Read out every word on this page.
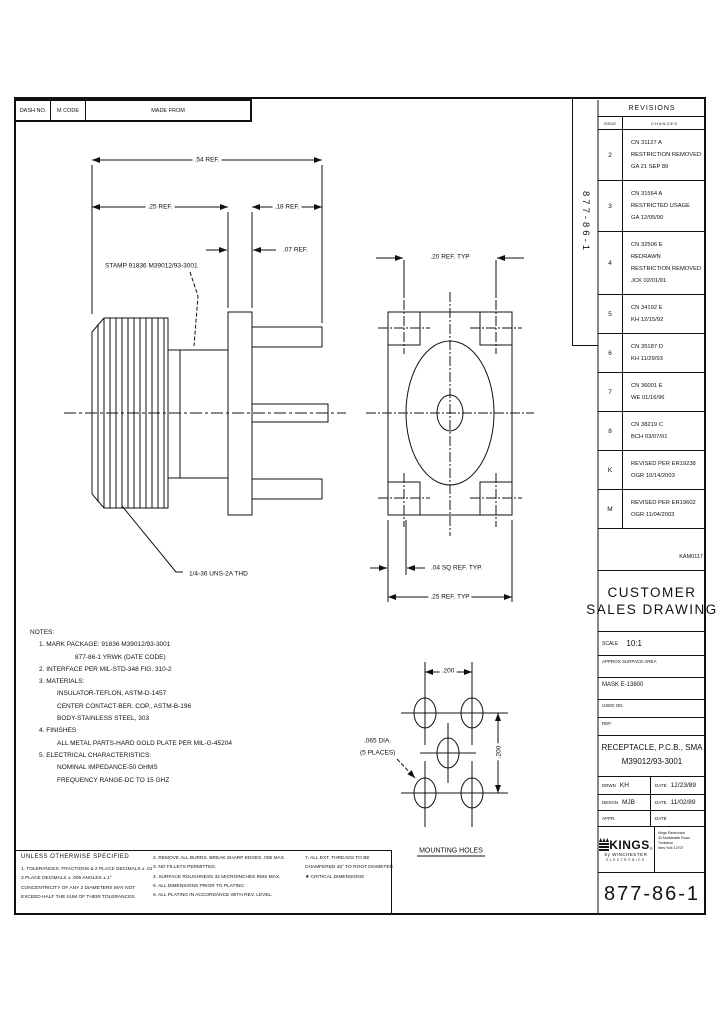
DASH NO.	M CODE	MADE FROM
877-86-1
REVISIONS
ISSUE	CHANGES
2
CN 31127 A
RESTRICTION REMOVED
GA 21 SEP 89
3
CN 31564 A
RESTRICTED USAGE
GA 12/05/90
4
CN 32506 E
REDRAWN
RESTRICTION REMOVED
JCK 02/01/91
5
CN 34192 E
KH 12/15/92
6
CN 35187 D
KH 11/29/93
7
CN 36001 E
WE 01/16/96
8
CN 38219 C
BCH 03/07/01
K
REVISED PER ER19238
OGR 10/14/2003
M
REVISED PER ER19602
OGR 11/04/2003
.54 REF.
.25 REF.	.18 REF.
.07 REF.
STAMP 91836 M39012/93-3001
1/4-36 UNS-2A THD
.20 REF. TYP
.04 SQ REF. TYP.
.25 REF. TYP
.200
.200
.065 DIA.
(5 PLACES)
MOUNTING HOLES
NOTES:
1. MARK PACKAGE: 91836 M39012/93-3001
877-86-1 YRWK (DATE CODE)
2. INTERFACE PER MIL-STD-348 FIG. 310-2
3. MATERIALS:
INSULATOR-TEFLON, ASTM-D-1457
CENTER CONTACT-BER. COP., ASTM-B-196
BODY-STAINLESS STEEL, 303
4. FINISHES
ALL METAL PARTS-HARD GOLD PLATE PER MIL-G-45204
5. ELECTRICAL CHARACTERISTICS:
NOMINAL IMPEDANCE-50 OHMS
FREQUENCY RANGE-DC TO 15 GHZ
UNLESS OTHERWISE SPECIFIED
1. TOLERANCES: FRACTIONS & 2 PLACE DECIMALS ± .01
3 PLACE DECIMALS ± .005 ANGLES ± 1°
CONCENTRICITY OF ANY 2 DIAMETERS MAY NOT
EXCEED HALF THE SUM OF THEIR TOLERANCES.
2. REMOVE ALL BURRS. BREAK SHARP EDGES .005 MAX.
3. NO FILLETS PERMITTED.
4. SURFACE ROUGHNESS 32 MICROINCHES RMS MAX.
5. ALL DIMENSIONS PRIOR TO PLATING
6. ALL PLATING IN ACCORDANCE WITH REV. LEVEL.
7. ALL EXT. THREADS TO BE
CHAMFERED 45° TO ROOT DIAMETER
★ CRITICAL DIMENSIONS
KAM0117
CUSTOMER
SALES DRAWING
SCALE 10:1
APPROX SURFACE AREA
MASK E-13800
USED ON
REF:
RECEPTACLE, P.C.B., SMA
M39012/93-3001
DRWN KH	DATE 12/23/89
DESGN MJB	DATE 11/02/89
APPR.	DATE
KINGS ®
by WINCHESTER
ELECTRONICS
Kings Electronics
40 Marbledale Road
Tuckahoe
New York 10707
877-86-1
